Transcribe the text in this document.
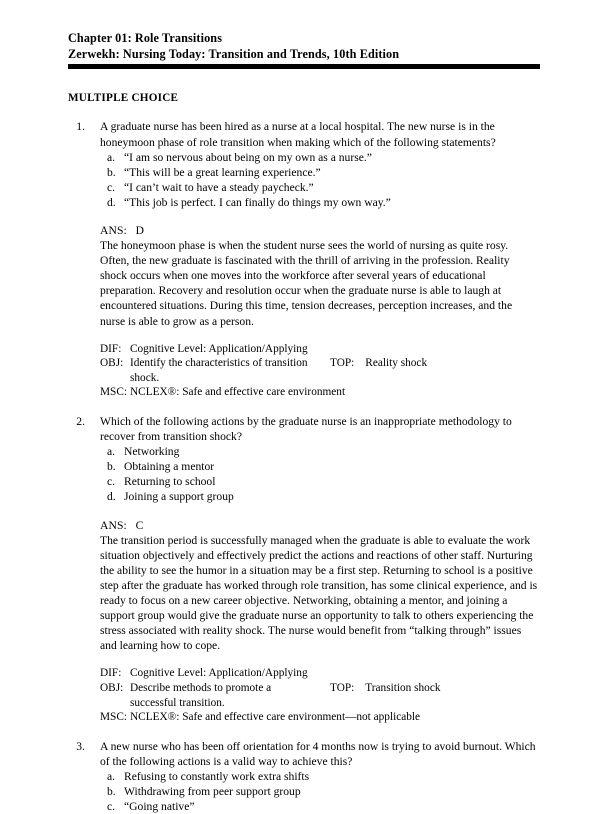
Chapter 01: Role Transitions
Zerwekh: Nursing Today: Transition and Trends, 10th Edition
MULTIPLE CHOICE
1. A graduate nurse has been hired as a nurse at a local hospital. The new nurse is in the honeymoon phase of role transition when making which of the following statements?
a. “I am so nervous about being on my own as a nurse.”
b. “This will be a great learning experience.”
c. “I can’t wait to have a steady paycheck.”
d. “This job is perfect. I can finally do things my own way.”
ANS: D
The honeymoon phase is when the student nurse sees the world of nursing as quite rosy. Often, the new graduate is fascinated with the thrill of arriving in the profession. Reality shock occurs when one moves into the workforce after several years of educational preparation. Recovery and resolution occur when the graduate nurse is able to laugh at encountered situations. During this time, tension decreases, perception increases, and the nurse is able to grow as a person.
DIF: Cognitive Level: Application/Applying
OBJ: Identify the characteristics of transition shock.
TOP: Reality shock
MSC: NCLEX®: Safe and effective care environment
2. Which of the following actions by the graduate nurse is an inappropriate methodology to recover from transition shock?
a. Networking
b. Obtaining a mentor
c. Returning to school
d. Joining a support group
ANS: C
The transition period is successfully managed when the graduate is able to evaluate the work situation objectively and effectively predict the actions and reactions of other staff. Nurturing the ability to see the humor in a situation may be a first step. Returning to school is a positive step after the graduate has worked through role transition, has some clinical experience, and is ready to focus on a new career objective. Networking, obtaining a mentor, and joining a support group would give the graduate nurse an opportunity to talk to others experiencing the stress associated with reality shock. The nurse would benefit from “talking through” issues and learning how to cope.
DIF: Cognitive Level: Application/Applying
OBJ: Describe methods to promote a successful transition.
TOP: Transition shock
MSC: NCLEX®: Safe and effective care environment—not applicable
3. A new nurse who has been off orientation for 4 months now is trying to avoid burnout. Which of the following actions is a valid way to achieve this?
a. Refusing to constantly work extra shifts
b. Withdrawing from peer support group
c. “Going native”
